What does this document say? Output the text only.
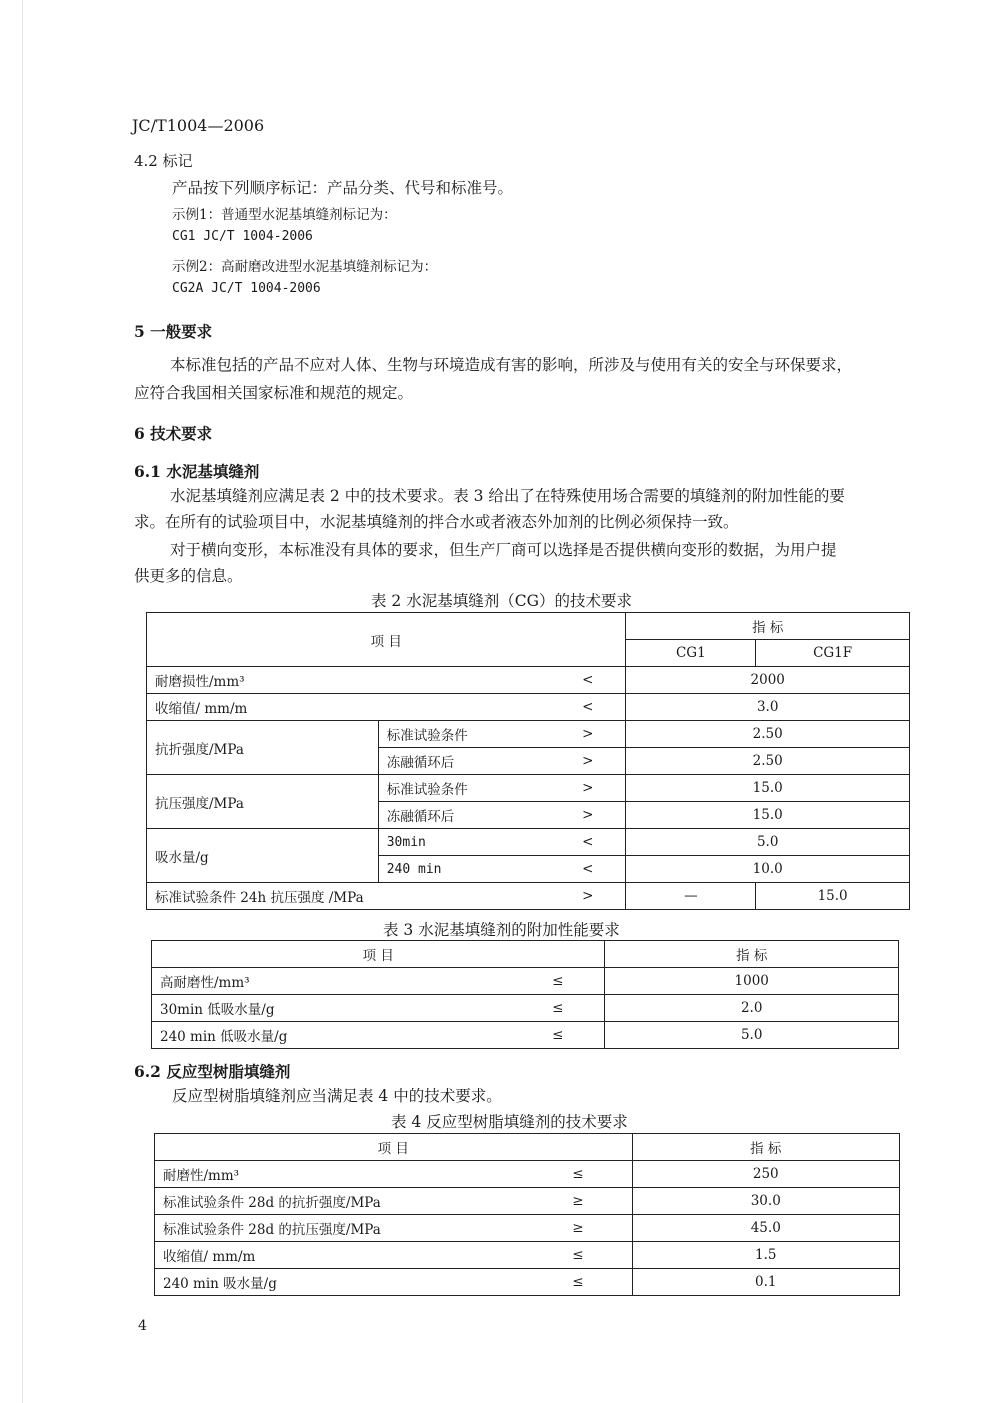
JC/T1004—2006
4.2 标记
产品按下列顺序标记：产品分类、代号和标准号。
示例1：普通型水泥基填缝剂标记为：
CG1 JC/T 1004-2006
示例2：高耐磨改进型水泥基填缝剂标记为：
CG2A JC/T 1004-2006
5 一般要求
本标准包括的产品不应对人体、生物与环境造成有害的影响，所涉及与使用有关的安全与环保要求，
应符合我国相关国家标准和规范的规定。
6 技术要求
6.1 水泥基填缝剂
水泥基填缝剂应满足表 2 中的技术要求。表 3 给出了在特殊使用场合需要的填缝剂的附加性能的要
求。在所有的试验项目中，水泥基填缝剂的拌合水或者液态外加剂的比例必须保持一致。
对于横向变形，本标准没有具体的要求，但生产厂商可以选择是否提供横向变形的数据，为用户提
供更多的信息。
表 2 水泥基填缝剂（CG）的技术要求
项 目			指 标	
			CG1	CG1F
耐磨损性/mm³		<	2000	
收缩值/ mm/m		<	3.0	
抗折强度/MPa	标准试验条件	>	2.50	
	冻融循环后	>	2.50	
抗压强度/MPa	标准试验条件	>	15.0	
	冻融循环后	>	15.0	
吸水量/g	30min	<	5.0	
	240 min	<	10.0	
标准试验条件 24h 抗压强度 /MPa		>	—	15.0
表 3 水泥基填缝剂的附加性能要求
项 目		指 标
高耐磨性/mm³	≤	1000
30min 低吸水量/g	≤	2.0
240 min 低吸水量/g	≤	5.0
6.2 反应型树脂填缝剂
反应型树脂填缝剂应当满足表 4 中的技术要求。
表 4 反应型树脂填缝剂的技术要求
项 目		指 标
耐磨性/mm³	≤	250
标准试验条件 28d 的抗折强度/MPa	≥	30.0
标准试验条件 28d 的抗压强度/MPa	≥	45.0
收缩值/ mm/m	≤	1.5
240 min 吸水量/g	≤	0.1
4
